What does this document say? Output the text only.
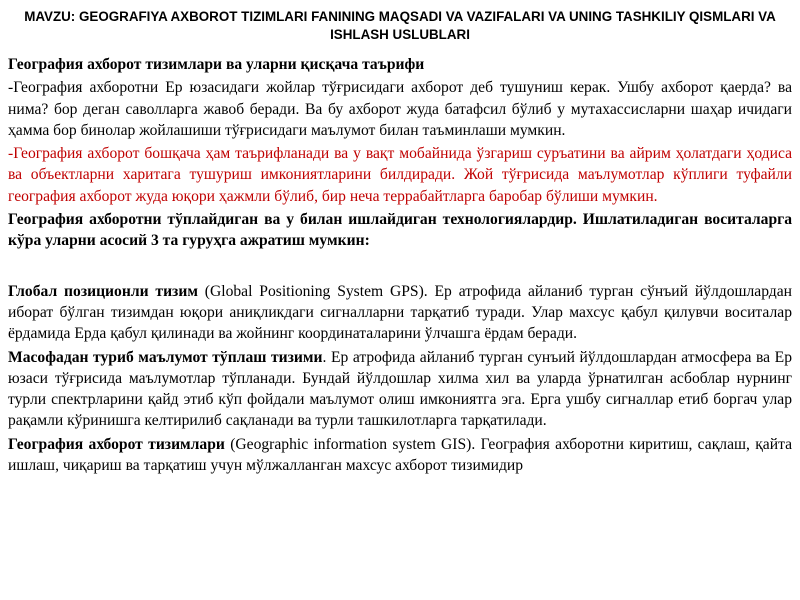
MAVZU: GEOGRAFIYA AXBOROT TIZIMLARI FANINING MAQSADI VA VAZIFALARI VA UNING TASHKILIY QISMLARI VA ISHLASH USLUBLARI

География ахборот тизимлари ва уларни қисқача таърифи

-География ахборотни Ер юзасидаги жойлар тўғрисидаги ахборот деб тушуниш керак. Ушбу ахборот қаерда? ва нима? бор деган саволларга жавоб беради. Ва бу ахборот жуда батафсил бўлиб у мутахассисларни шаҳар ичидаги ҳамма бор бинолар жойлашиши тўғрисидаги маълумот билан таъминлаши мумкин.

-География ахборот бошқача ҳам таърифланади ва у вақт мобайнида ўзгариш суръатини ва айрим ҳолатдаги ҳодиса ва объектларни харитага тушуриш имкониятларини билдиради. Жой тўғрисида маълумотлар кўплиги туфайли география ахборот жуда юқори ҳажмли бўлиб, бир неча террабайтларга баробар бўлиши мумкин.

География ахборотни тўплайдиган ва у билан ишлайдиган технологиялардир. Ишлатиладиган воситаларга кўра уларни асосий 3 та гуруҳга ажратиш мумкин:

Глобал позиционли тизим (Global Positioning System GPS). Ер атрофида айланиб турган сўнъий йўлдошлардан иборат бўлган тизимдан юқори аниқликдаги сигналларни тарқатиб туради. Улар махсус қабул қилувчи воситалар ёрдамида Ерда қабул қилинади ва жойнинг координаталарини ўлчашга ёрдам беради.

Масофадан туриб маълумот тўплаш тизими. Ер атрофида айланиб турган сунъий йўлдошлардан атмосфера ва Ер юзаси тўғрисида маълумотлар тўпланади. Бундай йўлдошлар хилма хил ва уларда ўрнатилган асбоблар нурнинг турли спектрларини қайд этиб кўп фойдали маълумот олиш имкониятга эга. Ерга ушбу сигналлар етиб боргач улар рақамли кўринишга келтирилиб сақланади ва турли ташкилотларга тарқатилади.

География ахборот тизимлари (Geographic information system GIS). География ахборотни киритиш, сақлаш, қайта ишлаш, чиқариш ва тарқатиш учун мўлжалланган махсус ахборот тизимидир
